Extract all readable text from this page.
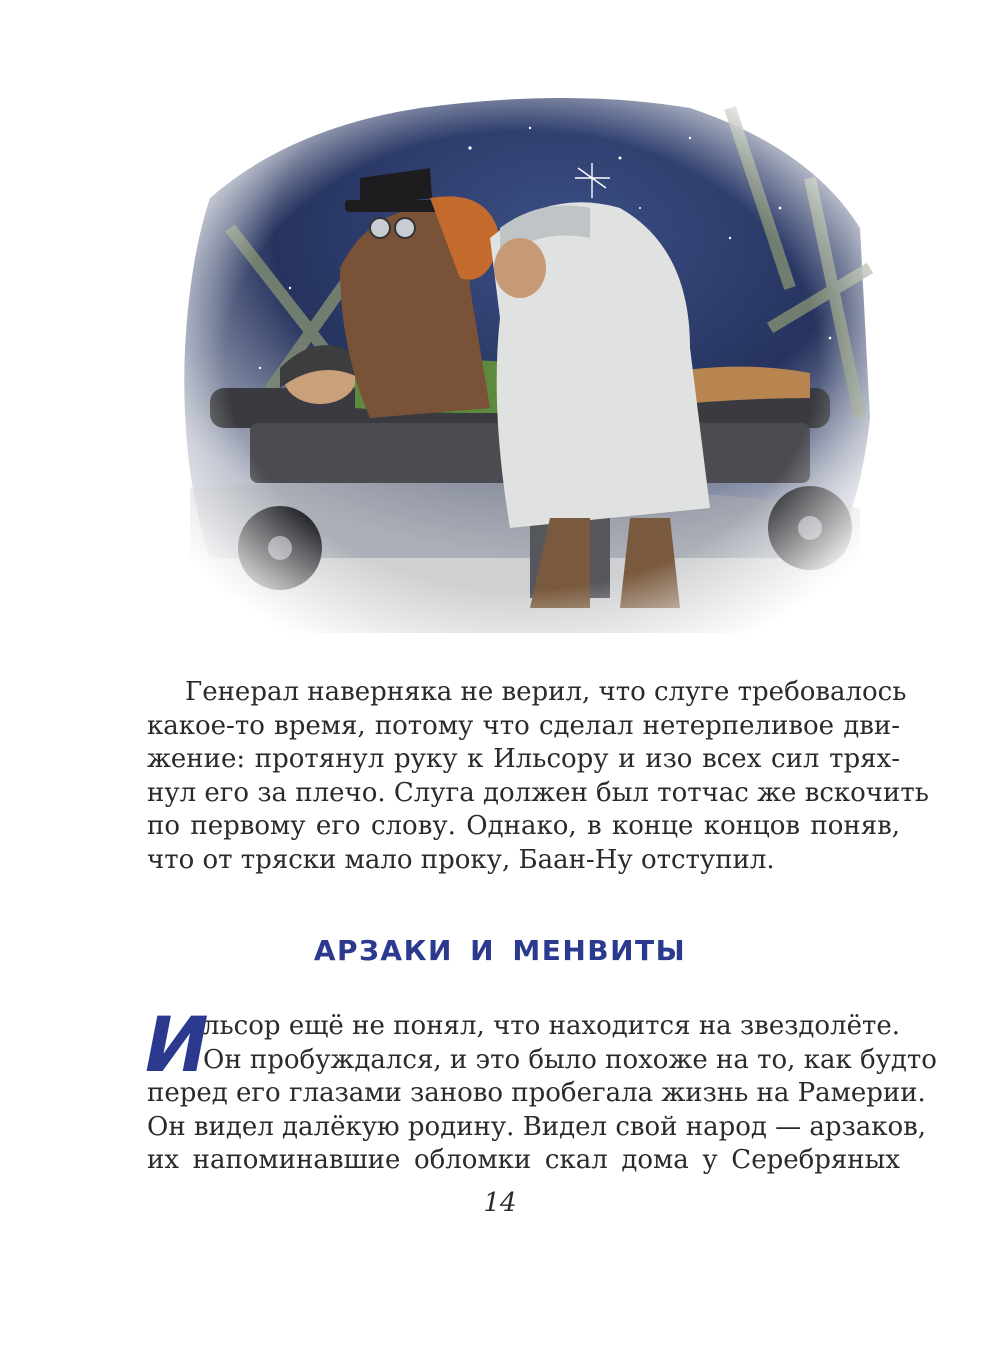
Генерал наверняка не верил, что слуге требовалось
какое-то время, потому что сделал нетерпеливое дви-
жение: протянул руку к Ильсору и изо всех сил трях-
нул его за плечо. Слуга должен был тотчас же вскочить
по первому его слову. Однако, в конце концов поняв,
что от тряски мало проку, Баан-Ну отступил.
АРЗАКИ И МЕНВИТЫ
И
льсор ещё не понял, что находится на звездолёте.
Он пробуждался, и это было похоже на то, как будто
перед его глазами заново пробегала жизнь на Рамерии.
Он видел далёкую родину. Видел свой народ — арзаков,
их напоминавшие обломки скал дома у Серебряных
14
